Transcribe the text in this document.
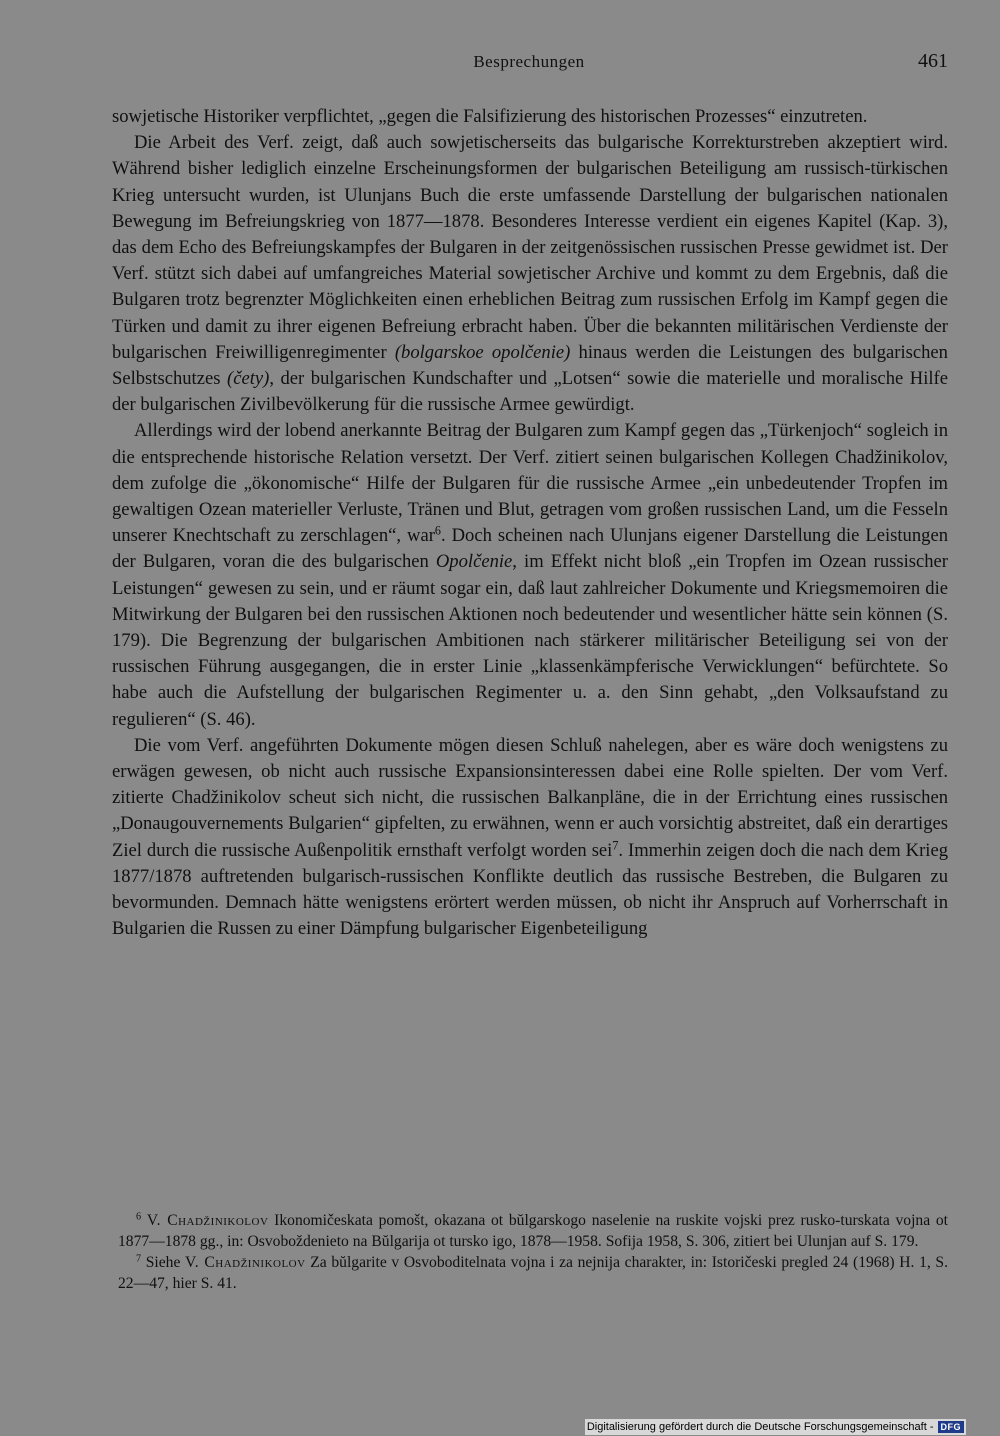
Besprechungen	461

sowjetische Historiker verpflichtet, „gegen die Falsifizierung des historischen Prozesses“ einzutreten.

Die Arbeit des Verf. zeigt, daß auch sowjetischerseits das bulgarische Korrekturstreben akzeptiert wird. Während bisher lediglich einzelne Erscheinungsformen der bulgarischen Beteiligung am russisch-türkischen Krieg untersucht wurden, ist Ulunjans Buch die erste umfassende Darstellung der bulgarischen nationalen Bewegung im Befreiungskrieg von 1877—1878. Besonderes Interesse verdient ein eigenes Kapitel (Kap. 3), das dem Echo des Befreiungskampfes der Bulgaren in der zeitgenössischen russischen Presse gewidmet ist. Der Verf. stützt sich dabei auf umfangreiches Material sowjetischer Archive und kommt zu dem Ergebnis, daß die Bulgaren trotz begrenzter Möglichkeiten einen erheblichen Beitrag zum russischen Erfolg im Kampf gegen die Türken und damit zu ihrer eigenen Befreiung erbracht haben. Über die bekannten militärischen Verdienste der bulgarischen Freiwilligenregimenter (bolgarskoe opolčenie) hinaus werden die Leistungen des bulgarischen Selbstschutzes (čety), der bulgarischen Kundschafter und „Lotsen“ sowie die materielle und moralische Hilfe der bulgarischen Zivilbevölkerung für die russische Armee gewürdigt.

Allerdings wird der lobend anerkannte Beitrag der Bulgaren zum Kampf gegen das „Türkenjoch“ sogleich in die entsprechende historische Relation versetzt. Der Verf. zitiert seinen bulgarischen Kollegen Chadžinikolov, dem zufolge die „ökonomische“ Hilfe der Bulgaren für die russische Armee „ein unbedeutender Tropfen im gewaltigen Ozean materieller Verluste, Tränen und Blut, getragen vom großen russischen Land, um die Fesseln unserer Knechtschaft zu zerschlagen“, war$^6$. Doch scheinen nach Ulunjans eigener Darstellung die Leistungen der Bulgaren, voran die des bulgarischen Opolčenie, im Effekt nicht bloß „ein Tropfen im Ozean russischer Leistungen“ gewesen zu sein, und er räumt sogar ein, daß laut zahlreicher Dokumente und Kriegsmemoiren die Mitwirkung der Bulgaren bei den russischen Aktionen noch bedeutender und wesentlicher hätte sein können (S. 179). Die Begrenzung der bulgarischen Ambitionen nach stärkerer militärischer Beteiligung sei von der russischen Führung ausgegangen, die in erster Linie „klassenkämpferische Verwicklungen“ befürchtete. So habe auch die Aufstellung der bulgarischen Regimenter u. a. den Sinn gehabt, „den Volksaufstand zu regulieren“ (S. 46).

Die vom Verf. angeführten Dokumente mögen diesen Schluß nahelegen, aber es wäre doch wenigstens zu erwägen gewesen, ob nicht auch russische Expansionsinteressen dabei eine Rolle spielten. Der vom Verf. zitierte Chadžinikolov scheut sich nicht, die russischen Balkanpläne, die in der Errichtung eines russischen „Donaugouvernements Bulgarien“ gipfelten, zu erwähnen, wenn er auch vorsichtig abstreitet, daß ein derartiges Ziel durch die russische Außenpolitik ernsthaft verfolgt worden sei$^7$. Immerhin zeigen doch die nach dem Krieg 1877/1878 auftretenden bulgarisch-russischen Konflikte deutlich das russische Bestreben, die Bulgaren zu bevormunden. Demnach hätte wenigstens erörtert werden müssen, ob nicht ihr Anspruch auf Vorherrschaft in Bulgarien die Russen zu einer Dämpfung bulgarischer Eigenbeteiligung

$^6$ V. Chadžinikolov Ikonomičeskata pomošt, okazana ot bŭlgarskogo naselenie na ruskite vojski prez rusko-turskata vojna ot 1877—1878 gg., in: Osvoboždenieto na Bŭlgarija ot tursko igo, 1878—1958. Sofija 1958, S. 306, zitiert bei Ulunjan auf S. 179.

$^7$ Siehe V. Chadžinikolov Za bŭlgarite v Osvoboditelnata vojna i za nejnija charakter, in: Istoričeski pregled 24 (1968) H. 1, S. 22—47, hier S. 41.

Digitalisierung gefördert durch die Deutsche Forschungsgemeinschaft - DFG
